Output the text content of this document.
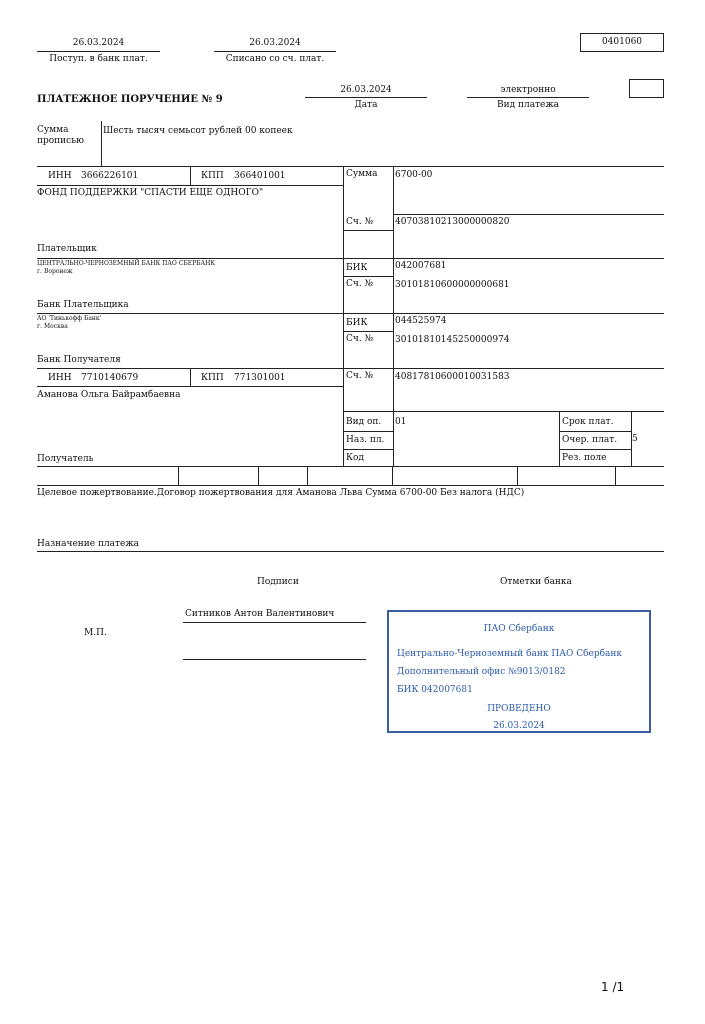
26.03.2024
Поступ. в банк плат.
26.03.2024
Списано со сч. плат.
0401060
ПЛАТЕЖНОЕ ПОРУЧЕНИЕ № 9
26.03.2024
Дата
электронно
Вид платежа
Сумма
прописью
Шесть тысяч семьсот рублей 00 копеек
ИНН 3666226101	КПП 366401001
ФОНД ПОДДЕРЖКИ "СПАСТИ ЕЩЕ ОДНОГО"
Плательщик
ЦЕНТРАЛЬНО-ЧЕРНОЗЕМНЫЙ БАНК ПАО СБЕРБАНК
г. Воронеж
Банк Плательщика
АО 'Тинькофф Банк'
г. Москва
Банк Получателя
ИНН 7710140679	КПП 771301001
Аманова Ольга Байрамбаевна
Получатель
Сумма 6700-00
Сч. № 40703810213000000820
БИК	042007681
Сч. № 30101810600000000681
БИК	044525974
Сч. № 30101810145250000974
Сч. № 40817810600010031583
Вид оп. 01
Наз. пл.
Код
Срок плат.
Очер. плат. 5
Рез. поле
Целевое пожертвование.Договор пожертвования для Аманова Льва Сумма 6700-00 Без налога (НДС)
Назначение платежа
Подписи	Отметки банка
М.П.
Ситников Антон Валентинович
ПАО Сбербанк
Центрально-Черноземный банк ПАО Сбербанк
Дополнительный офис №9013/0182
БИК 042007681
ПРОВЕДЕНО
26.03.2024
1 /1
